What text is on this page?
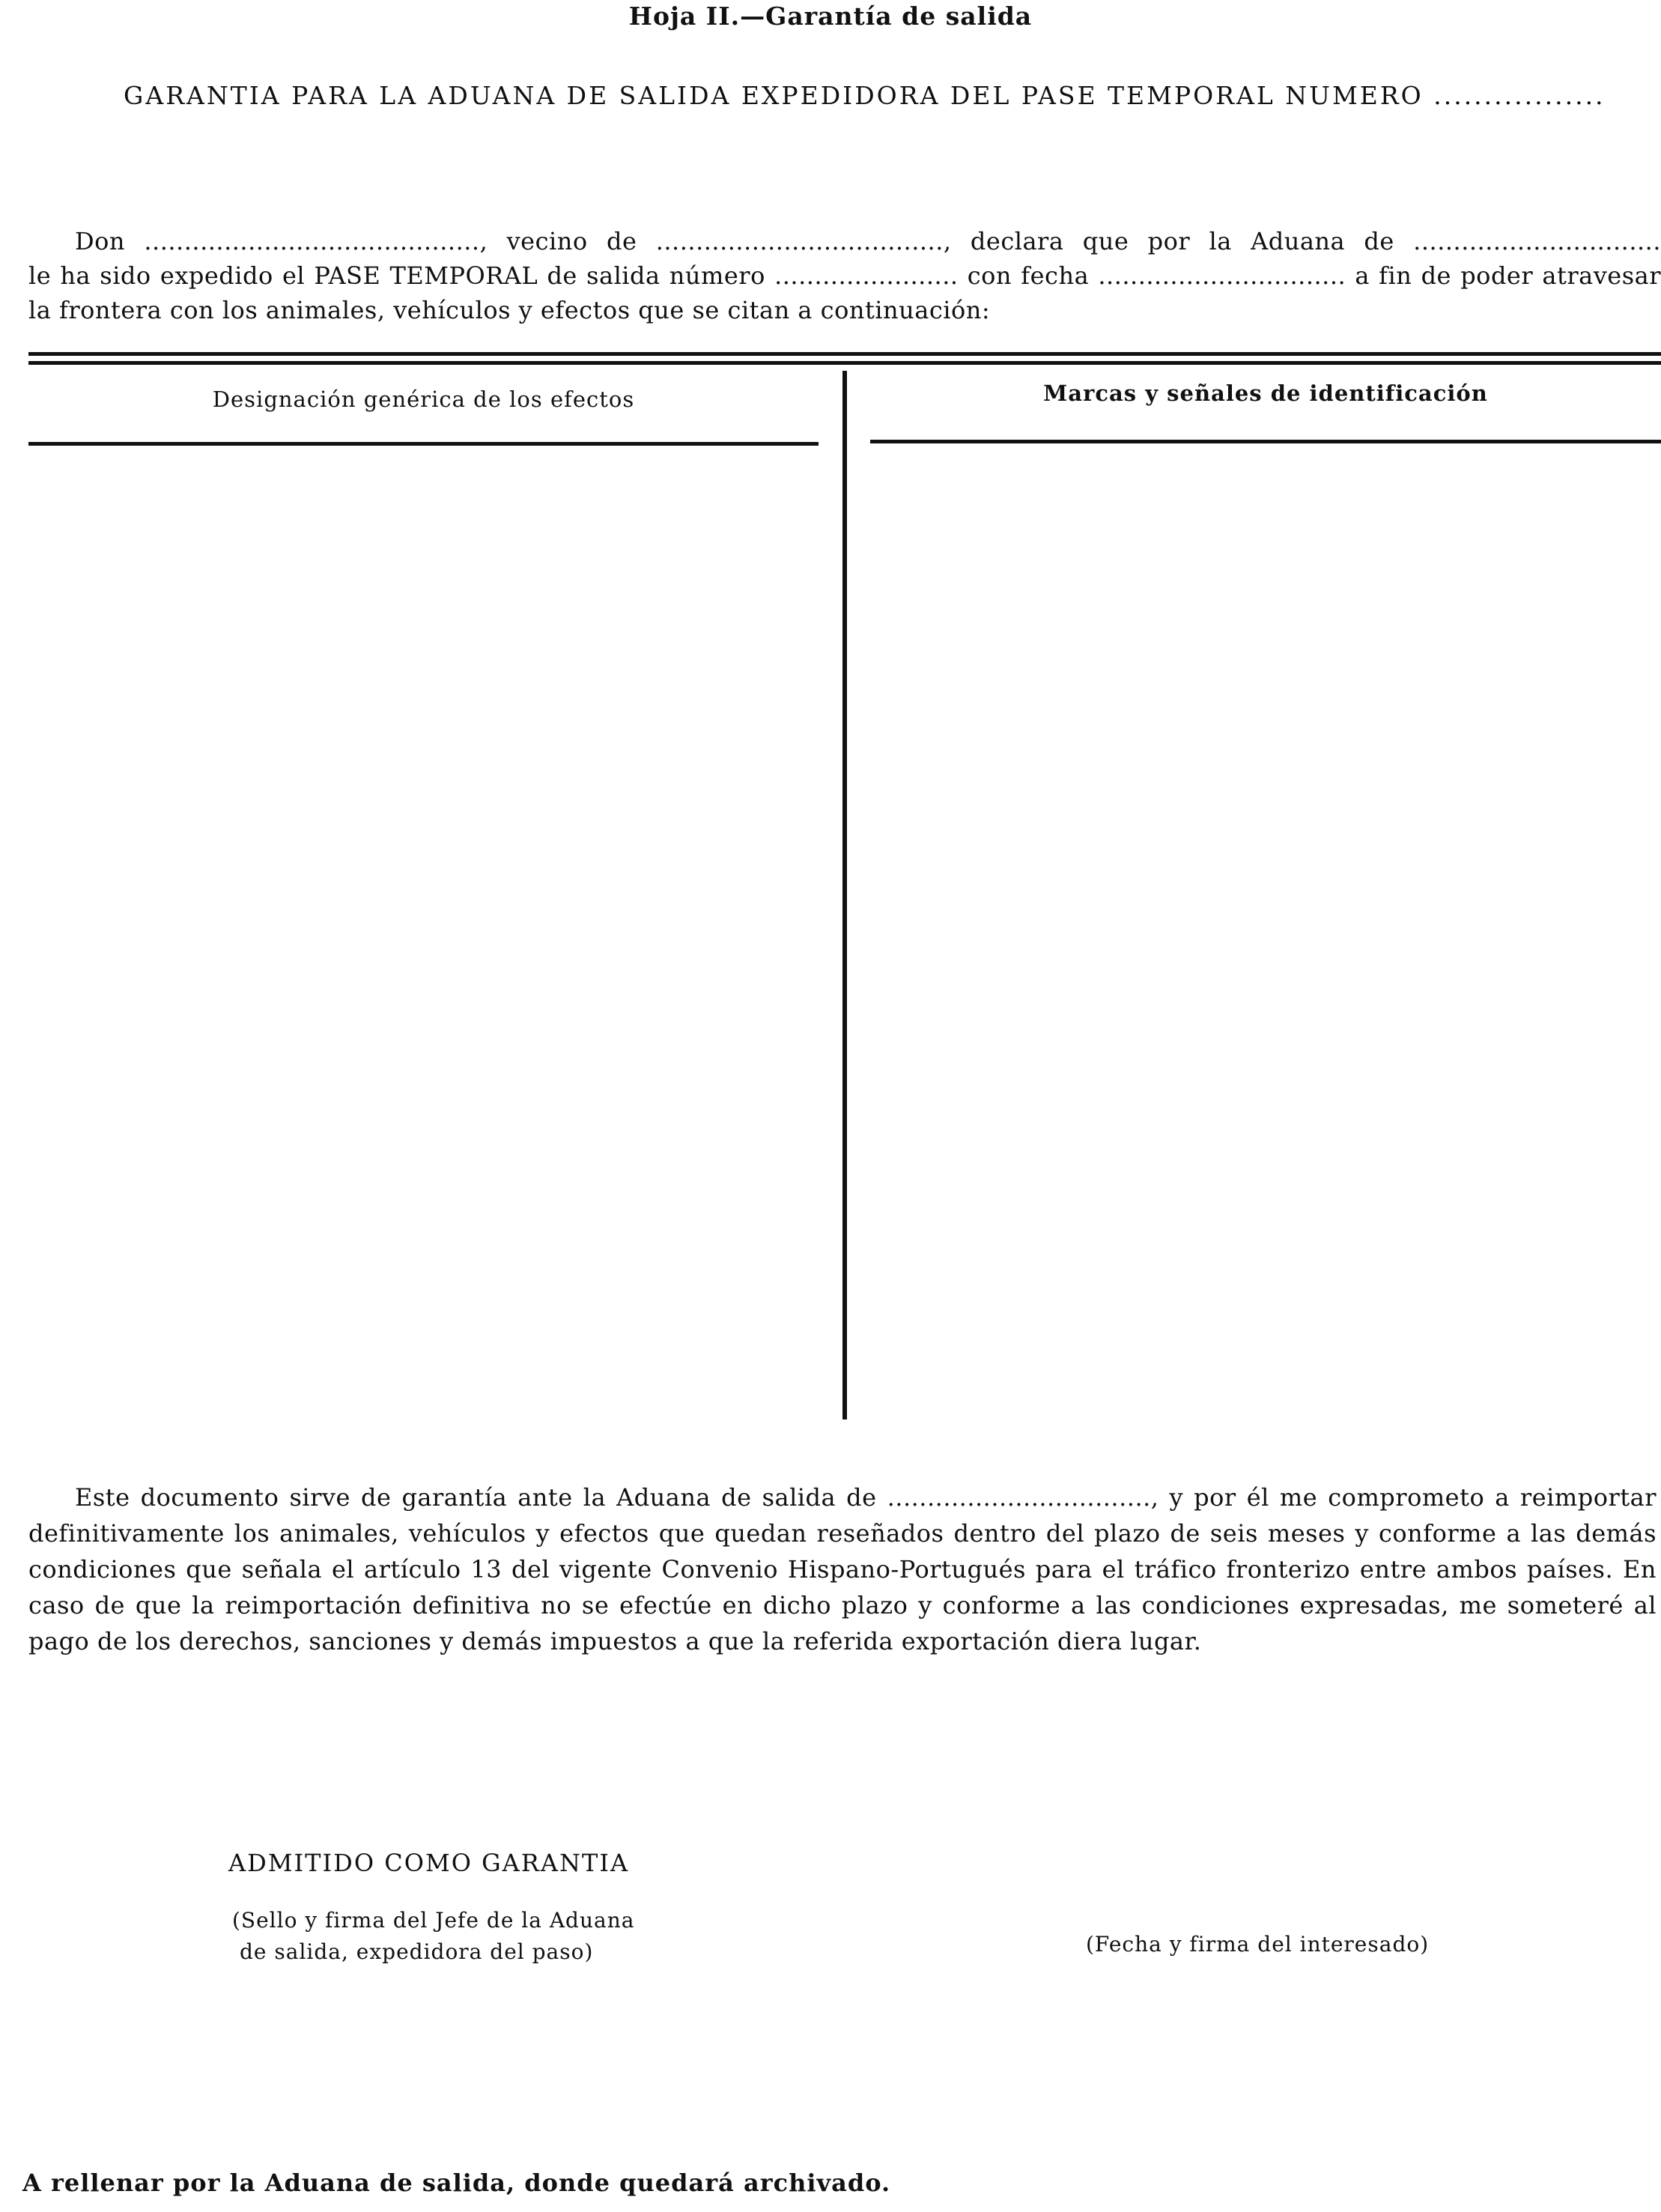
Hoja II.—Garantía de salida
GARANTIA PARA LA ADUANA DE SALIDA EXPEDIDORA DEL PASE TEMPORAL NUMERO .................
Don .........................................., vecino de ...................................., declara que por la Aduana de ...............................
le ha sido expedido el PASE TEMPORAL de salida número ....................... con fecha ............................... a fin de poder atravesar
la frontera con los animales, vehículos y efectos que se citan a continuación:
Designación genérica de los efectos	Marcas y señales de identificación
Este documento sirve de garantía ante la Aduana de salida de ................................., y por él me comprometo a reimportar
definitivamente los animales, vehículos y efectos que quedan reseñados dentro del plazo de seis meses y conforme a las demás
condiciones que señala el artículo 13 del vigente Convenio Hispano-Portugués para el tráfico fronterizo entre ambos países. En
caso de que la reimportación definitiva no se efectúe en dicho plazo y conforme a las condiciones expresadas, me someteré al
pago de los derechos, sanciones y demás impuestos a que la referida exportación diera lugar.
ADMITIDO COMO GARANTIA
(Sello y firma del Jefe de la Aduana
de salida, expedidora del paso)	(Fecha y firma del interesado)
A rellenar por la Aduana de salida, donde quedará archivado.
